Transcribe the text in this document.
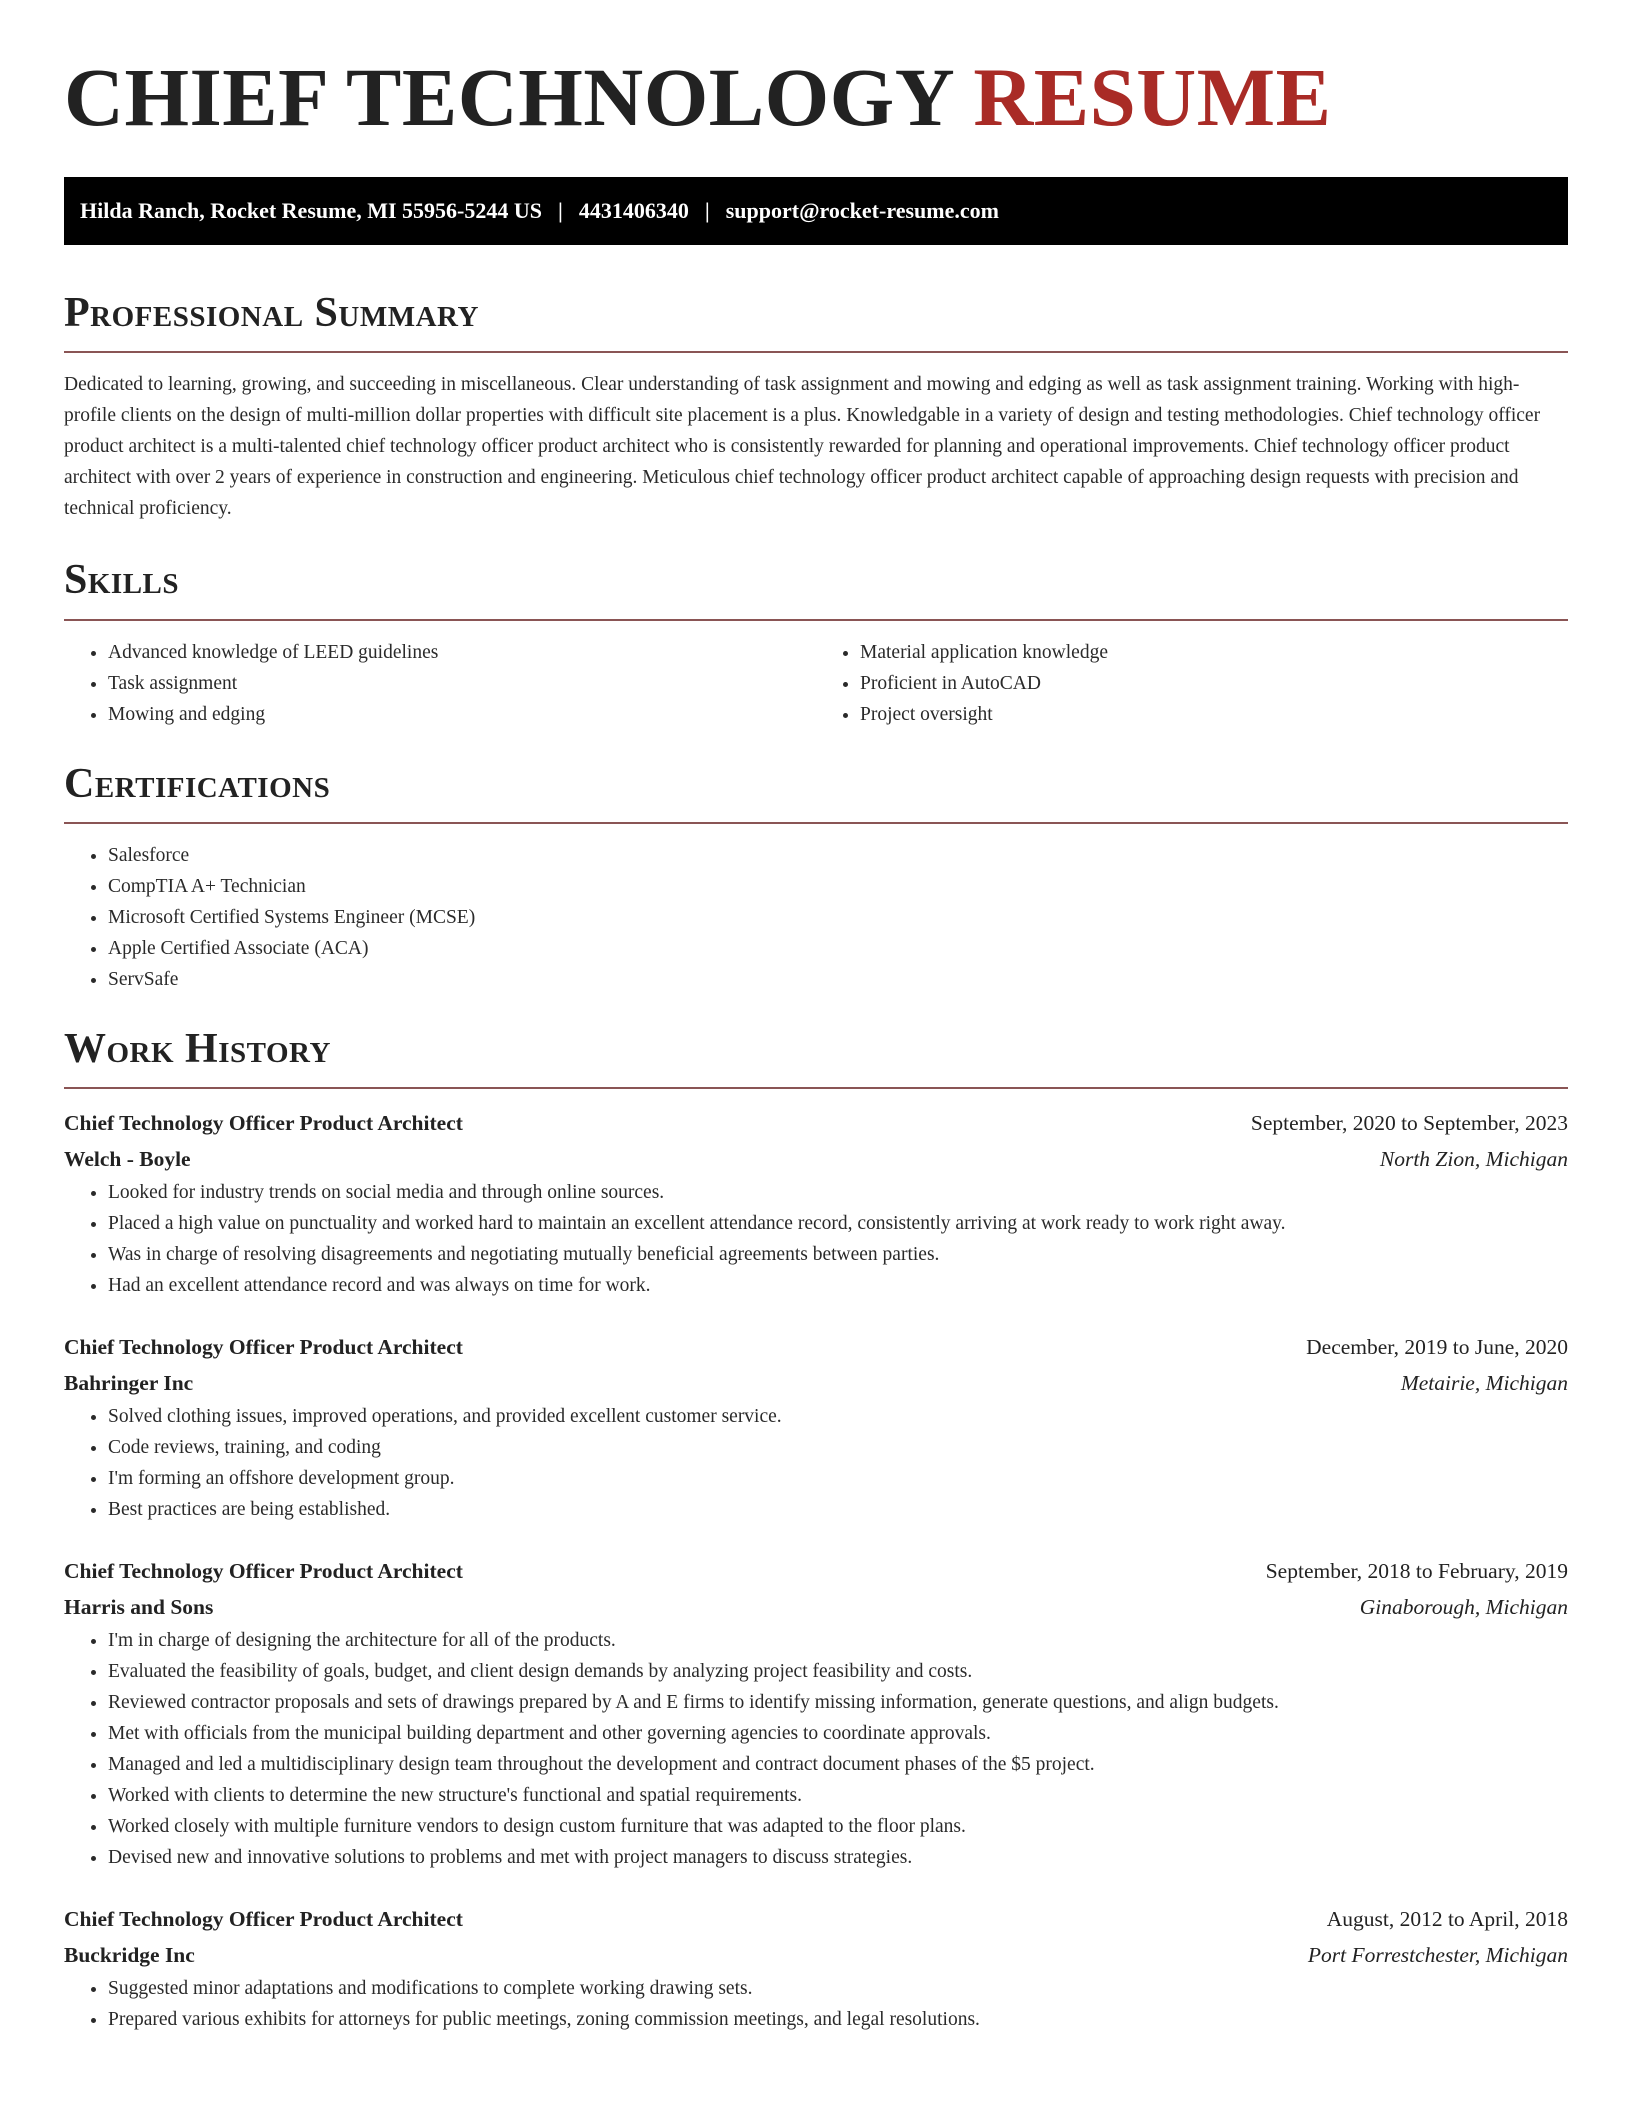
CHIEF TECHNOLOGY RESUME
Hilda Ranch, Rocket Resume, MI 55956-5244 US | 4431406340 | support@rocket-resume.com
Professional Summary

Dedicated to learning, growing, and succeeding in miscellaneous. Clear understanding of task assignment and mowing and edging as well as task assignment training. Working with high-profile clients on the design of multi-million dollar properties with difficult site placement is a plus. Knowledgable in a variety of design and testing methodologies. Chief technology officer product architect is a multi-talented chief technology officer product architect who is consistently rewarded for planning and operational improvements. Chief technology officer product architect with over 2 years of experience in construction and engineering. Meticulous chief technology officer product architect capable of approaching design requests with precision and technical proficiency.

Skills
• Advanced knowledge of LEED guidelines
• Task assignment
• Mowing and edging
• Material application knowledge
• Proficient in AutoCAD
• Project oversight
Certifications
• Salesforce
• CompTIA A+ Technician
• Microsoft Certified Systems Engineer (MCSE)
• Apple Certified Associate (ACA)
• ServSafe
Work History
Chief Technology Officer Product Architect	September, 2020 to September, 2023
Welch - Boyle	North Zion, Michigan
• Looked for industry trends on social media and through online sources.
• Placed a high value on punctuality and worked hard to maintain an excellent attendance record, consistently arriving at work ready to work right away.
• Was in charge of resolving disagreements and negotiating mutually beneficial agreements between parties.
• Had an excellent attendance record and was always on time for work.
Chief Technology Officer Product Architect	December, 2019 to June, 2020
Bahringer Inc	Metairie, Michigan
• Solved clothing issues, improved operations, and provided excellent customer service.
• Code reviews, training, and coding
• I'm forming an offshore development group.
• Best practices are being established.
Chief Technology Officer Product Architect	September, 2018 to February, 2019
Harris and Sons	Ginaborough, Michigan
• I'm in charge of designing the architecture for all of the products.
• Evaluated the feasibility of goals, budget, and client design demands by analyzing project feasibility and costs.
• Reviewed contractor proposals and sets of drawings prepared by A and E firms to identify missing information, generate questions, and align budgets.
• Met with officials from the municipal building department and other governing agencies to coordinate approvals.
• Managed and led a multidisciplinary design team throughout the development and contract document phases of the $5 project.
• Worked with clients to determine the new structure's functional and spatial requirements.
• Worked closely with multiple furniture vendors to design custom furniture that was adapted to the floor plans.
• Devised new and innovative solutions to problems and met with project managers to discuss strategies.
Chief Technology Officer Product Architect	August, 2012 to April, 2018
Buckridge Inc	Port Forrestchester, Michigan
• Suggested minor adaptations and modifications to complete working drawing sets.
• Prepared various exhibits for attorneys for public meetings, zoning commission meetings, and legal resolutions.
